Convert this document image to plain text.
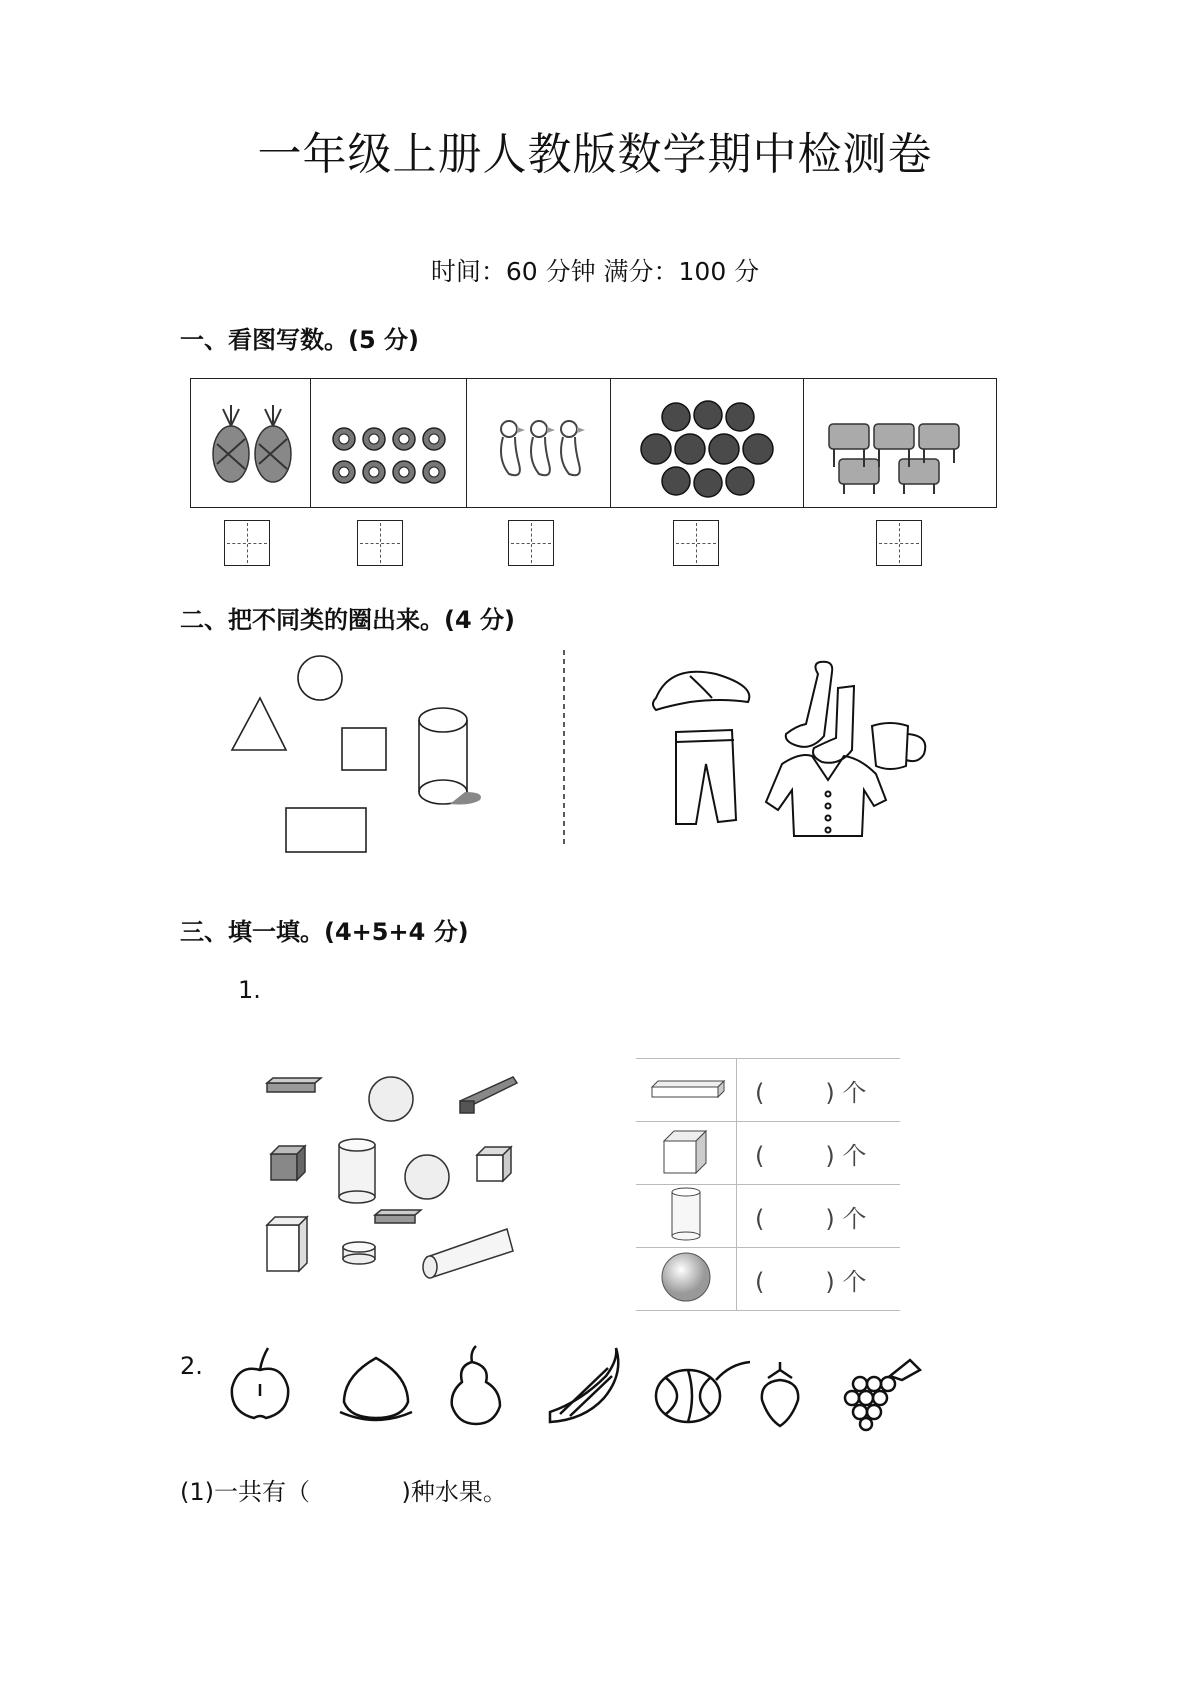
一年级上册人教版数学期中检测卷
时间：60 分钟 满分：100 分
一、看图写数。(5 分)
二、把不同类的圈出来。(4 分)
三、填一填。(4+5+4 分)
1.
	(        ) 个
	(        ) 个
	(        ) 个
	(        ) 个
2.
(1)一共有（            )种水果。
